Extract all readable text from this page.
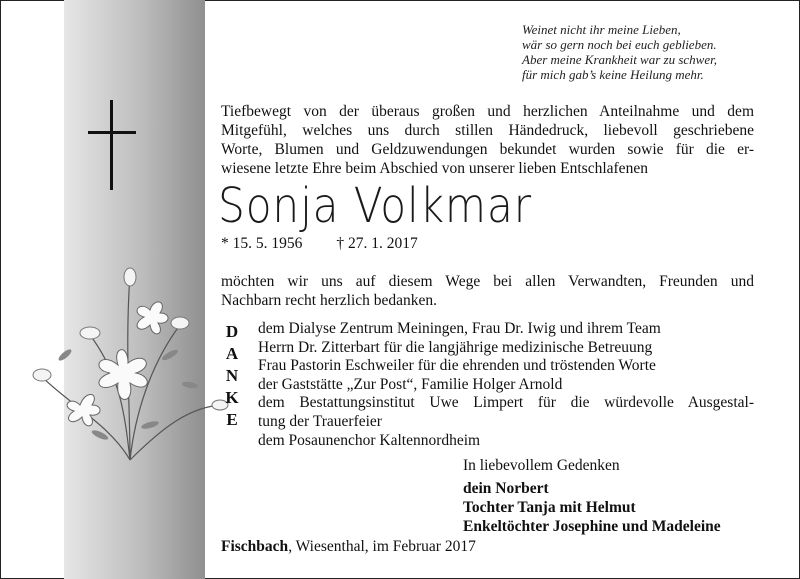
Weinet nicht ihr meine Lieben,
wär so gern noch bei euch geblieben.
Aber meine Krankheit war zu schwer,
für mich gab’s keine Heilung mehr.
Tiefbewegt von der überaus großen und herzlichen Anteilnahme und dem
Mitgefühl, welches uns durch stillen Händedruck, liebevoll geschriebene
Worte, Blumen und Geldzuwendungen bekundet wurden sowie für die er-
wiesene letzte Ehre beim Abschied von unserer lieben Entschlafenen
Sonja Volkmar
* 15. 5. 1956 † 27. 1. 2017
möchten wir uns auf diesem Wege bei allen Verwandten, Freunden und
Nachbarn recht herzlich bedanken.
D
A
N
K
E
dem Dialyse Zentrum Meiningen, Frau Dr. Iwig und ihrem Team
Herrn Dr. Zitterbart für die langjährige medizinische Betreuung
Frau Pastorin Eschweiler für die ehrenden und tröstenden Worte
der Gaststätte „Zur Post“, Familie Holger Arnold
dem Bestattungsinstitut Uwe Limpert für die würdevolle Ausgestal-
tung der Trauerfeier
dem Posaunenchor Kaltennordheim
In liebevollem Gedenken
dein Norbert
Tochter Tanja mit Helmut
Enkeltöchter Josephine und Madeleine
Fischbach, Wiesenthal, im Februar 2017
